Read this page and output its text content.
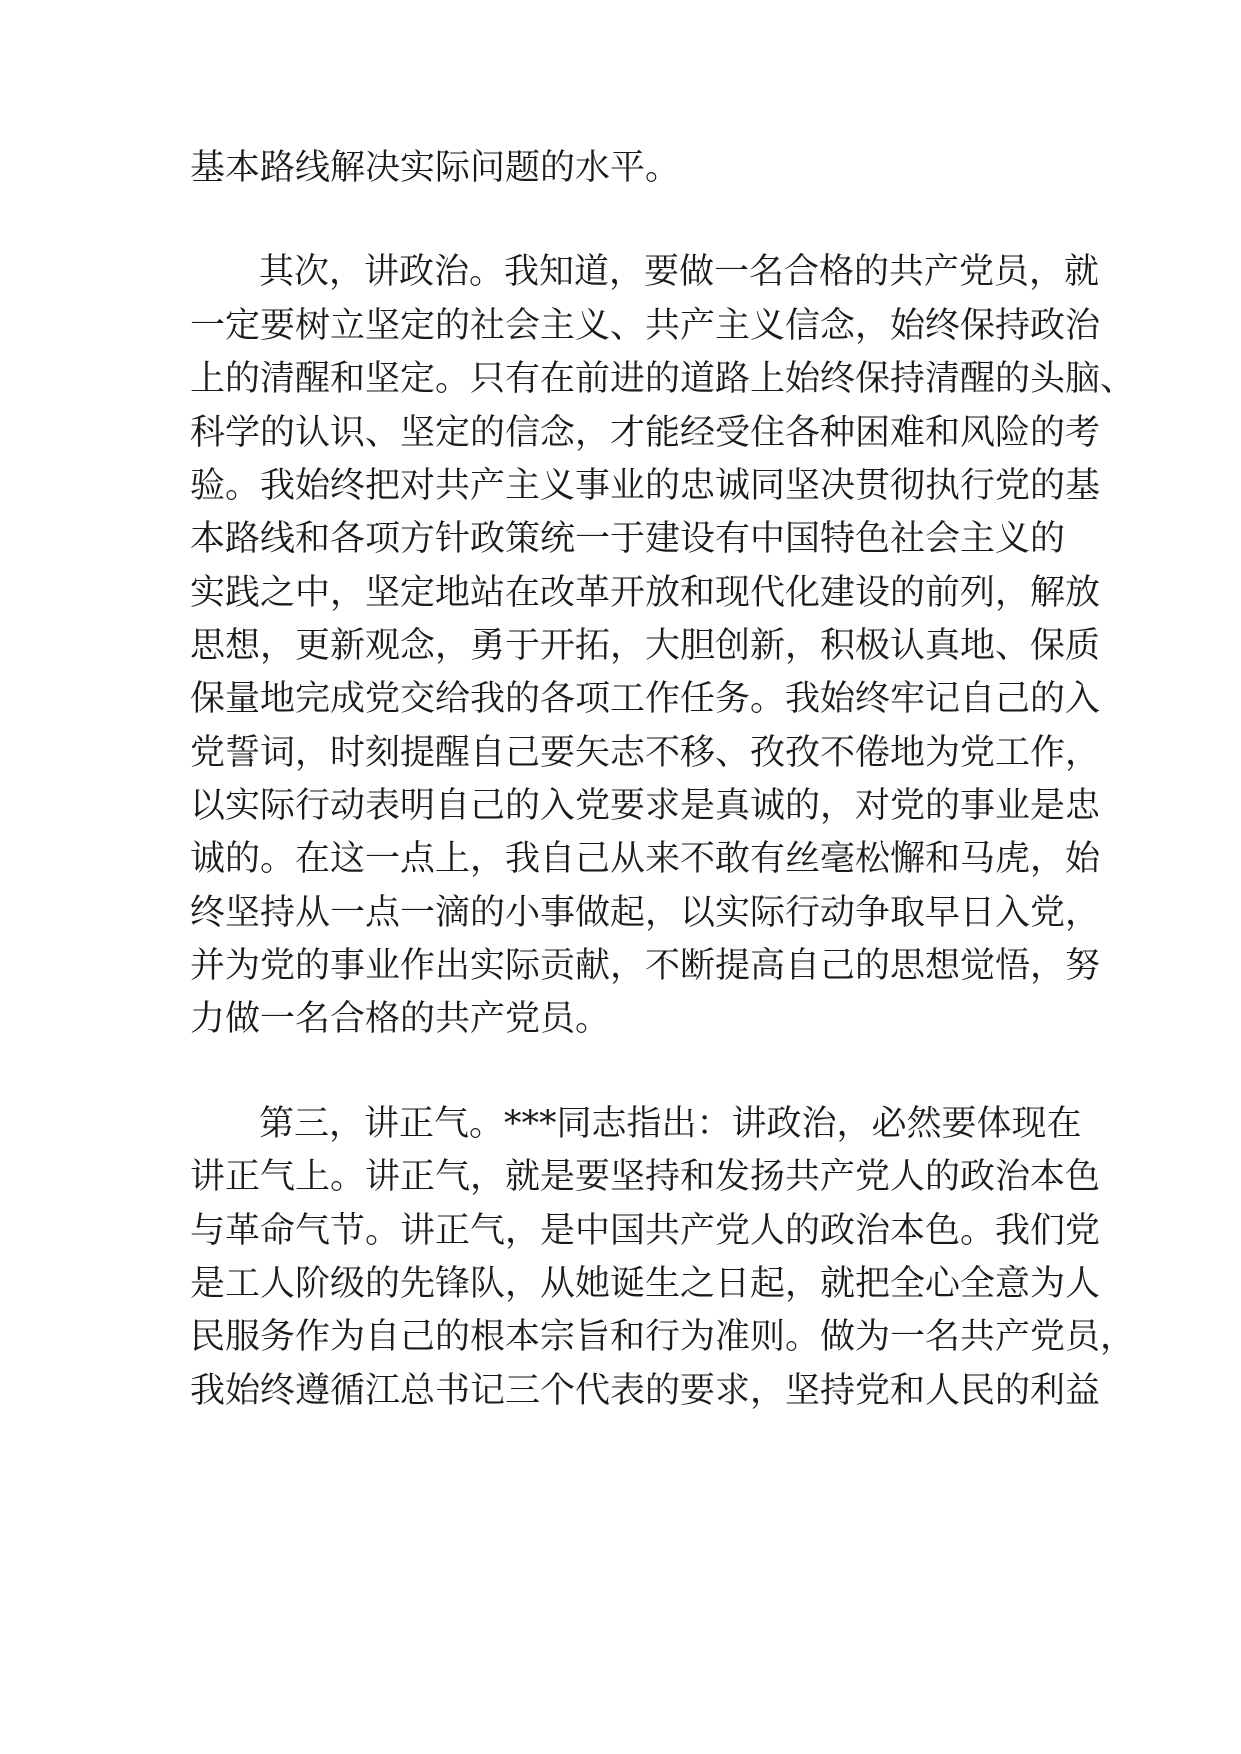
基本路线解决实际问题的水平。
其次，讲政治。我知道，要做一名合格的共产党员，就
一定要树立坚定的社会主义、共产主义信念，始终保持政治
上的清醒和坚定。只有在前进的道路上始终保持清醒的头脑、
科学的认识、坚定的信念，才能经受住各种困难和风险的考
验。我始终把对共产主义事业的忠诚同坚决贯彻执行党的基
本路线和各项方针政策统一于建设有中国特色社会主义的
实践之中，坚定地站在改革开放和现代化建设的前列，解放
思想，更新观念，勇于开拓，大胆创新，积极认真地、保质
保量地完成党交给我的各项工作任务。我始终牢记自己的入
党誓词，时刻提醒自己要矢志不移、孜孜不倦地为党工作，
以实际行动表明自己的入党要求是真诚的，对党的事业是忠
诚的。在这一点上，我自己从来不敢有丝毫松懈和马虎，始
终坚持从一点一滴的小事做起，以实际行动争取早日入党，
并为党的事业作出实际贡献，不断提高自己的思想觉悟，努
力做一名合格的共产党员。
第三，讲正气。***同志指出：讲政治，必然要体现在
讲正气上。讲正气，就是要坚持和发扬共产党人的政治本色
与革命气节。讲正气，是中国共产党人的政治本色。我们党
是工人阶级的先锋队，从她诞生之日起，就把全心全意为人
民服务作为自己的根本宗旨和行为准则。做为一名共产党员，
我始终遵循江总书记三个代表的要求，坚持党和人民的利益
